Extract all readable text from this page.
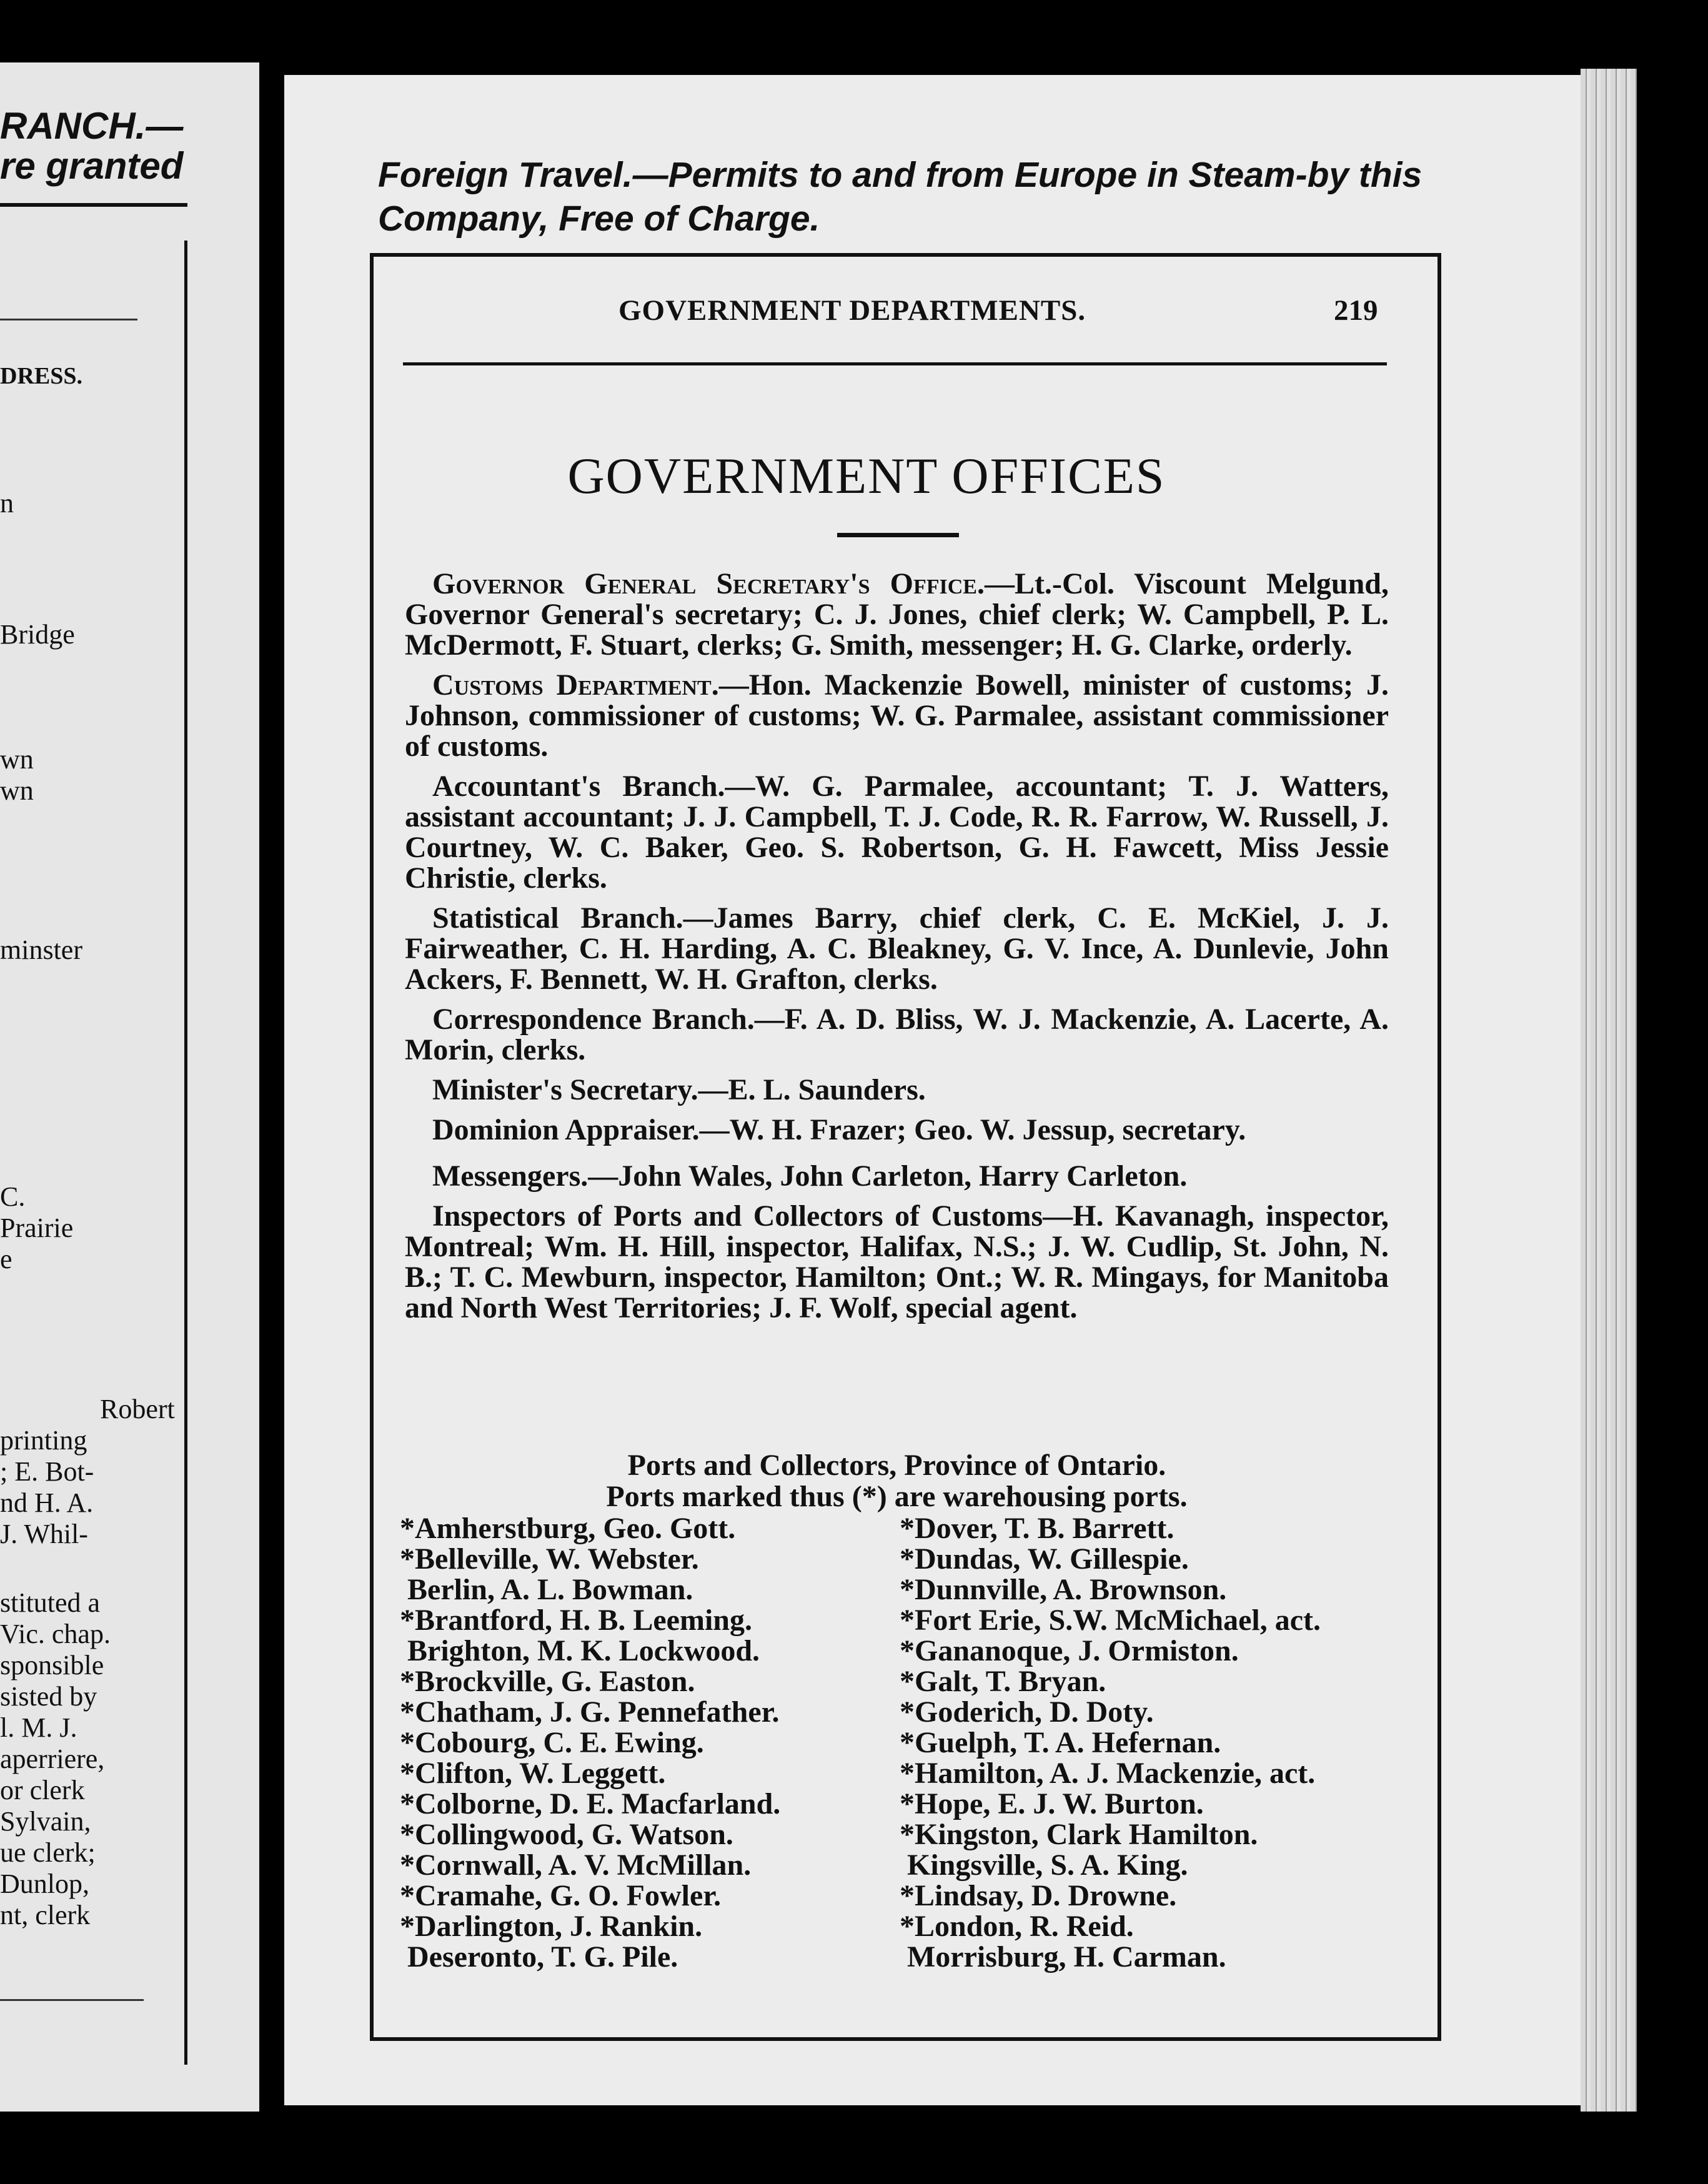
RANCH.—
re granted
DRESS.
n
Bridge
wn
wn
minster
C.
Prairie
e
Robert
printing
; E. Bot-
nd H. A.
J. Whil-
stituted a
Vic. chap.
sponsible
sisted by
l. M. J.
aperriere,
or clerk
Sylvain,
ue clerk;
Dunlop,
nt, clerk
Foreign Travel.—Permits to and from Europe in Steam-by this Company, Free of Charge.
GOVERNMENT DEPARTMENTS.	219
GOVERNMENT OFFICES

Governor General Secretary's Office.—Lt.-Col. Viscount Melgund, Governor General's secretary; C. J. Jones, chief clerk; W. Campbell, P. L. McDermott, F. Stuart, clerks; G. Smith, messenger; H. G. Clarke, orderly.

Customs Department.—Hon. Mackenzie Bowell, minister of customs; J. Johnson, commissioner of customs; W. G. Parmalee, assistant commissioner of customs.

Accountant's Branch.—W. G. Parmalee, accountant; T. J. Watters, assistant accountant; J. J. Campbell, T. J. Code, R. R. Farrow, W. Russell, J. Courtney, W. C. Baker, Geo. S. Robertson, G. H. Fawcett, Miss Jessie Christie, clerks.

Statistical Branch.—James Barry, chief clerk, C. E. McKiel, J. J. Fairweather, C. H. Harding, A. C. Bleakney, G. V. Ince, A. Dunlevie, John Ackers, F. Bennett, W. H. Grafton, clerks.

Correspondence Branch.—F. A. D. Bliss, W. J. Mackenzie, A. Lacerte, A. Morin, clerks.

Minister's Secretary.—E. L. Saunders.

Dominion Appraiser.—W. H. Frazer; Geo. W. Jessup, secretary.

Messengers.—John Wales, John Carleton, Harry Carleton.

Inspectors of Ports and Collectors of Customs—H. Kavanagh, inspector, Montreal; Wm. H. Hill, inspector, Halifax, N.S.; J. W. Cudlip, St. John, N. B.; T. C. Mewburn, inspector, Hamilton; Ont.; W. R. Mingays, for Manitoba and North West Territories; J. F. Wolf, special agent.

Ports and Collectors, Province of Ontario.
Ports marked thus (*) are warehousing ports.
*Amherstburg, Geo. Gott.
*Belleville, W. Webster.
Berlin, A. L. Bowman.
*Brantford, H. B. Leeming.
Brighton, M. K. Lockwood.
*Brockville, G. Easton.
*Chatham, J. G. Pennefather.
*Cobourg, C. E. Ewing.
*Clifton, W. Leggett.
*Colborne, D. E. Macfarland.
*Collingwood, G. Watson.
*Cornwall, A. V. McMillan.
*Cramahe, G. O. Fowler.
*Darlington, J. Rankin.
Deseronto, T. G. Pile.
*Dover, T. B. Barrett.
*Dundas, W. Gillespie.
*Dunnville, A. Brownson.
*Fort Erie, S.W. McMichael, act.
*Gananoque, J. Ormiston.
*Galt, T. Bryan.
*Goderich, D. Doty.
*Guelph, T. A. Hefernan.
*Hamilton, A. J. Mackenzie, act.
*Hope, E. J. W. Burton.
*Kingston, Clark Hamilton.
Kingsville, S. A. King.
*Lindsay, D. Drowne.
*London, R. Reid.
Morrisburg, H. Carman.
